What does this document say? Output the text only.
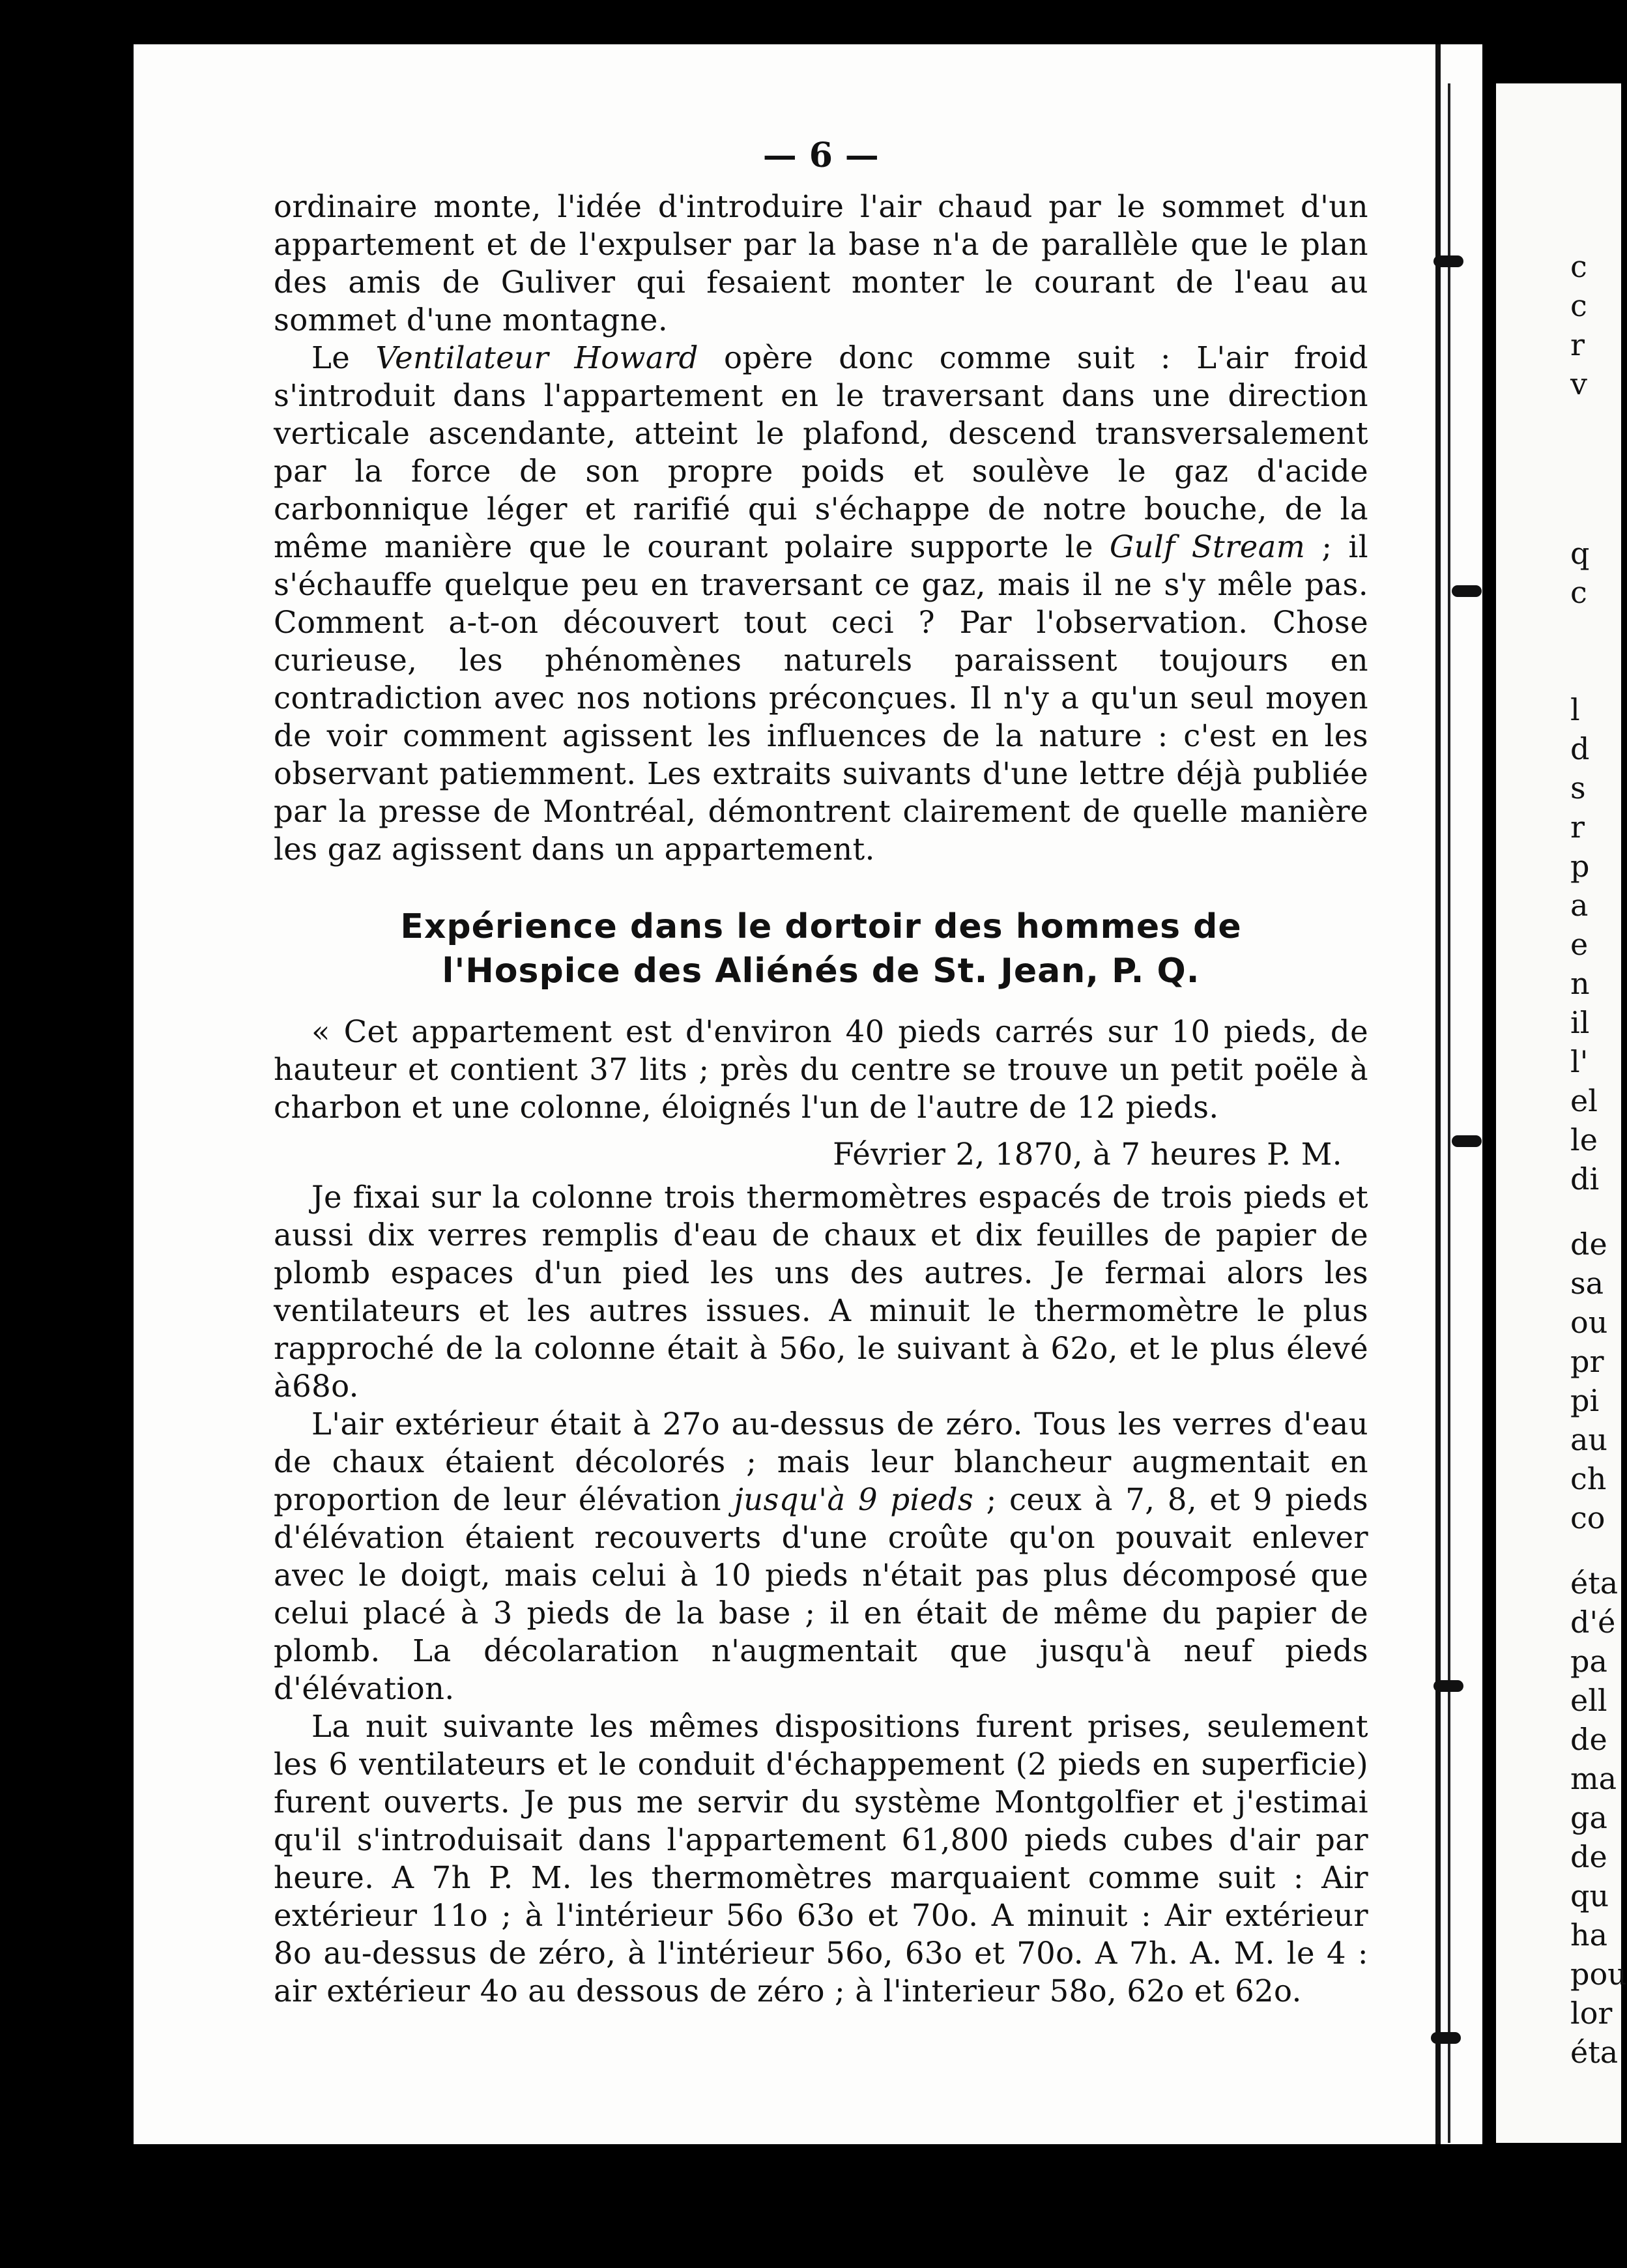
c
c
r
v
q
c
l
d
s
r
p
a
e
n
il
l'
el
le
di
de
sa
ou
pr
pi
au
ch
co
éta
d'é
pa
ell
de
ma
ga
de
qu
ha
pou
lor
éta
— 6 —

ordinaire monte, l'idée d'introduire l'air chaud par le sommet d'un appartement et de l'expulser par la base n'a de parallèle que le plan des amis de Guliver qui fesaient monter le courant de l'eau au sommet d'une montagne.

Le Ventilateur Howard opère donc comme suit : L'air froid s'introduit dans l'appartement en le traversant dans une direction verticale ascendante, atteint le plafond, descend transversalement par la force de son propre poids et soulève le gaz d'acide carbonnique léger et rarifié qui s'échappe de notre bouche, de la même manière que le courant polaire supporte le Gulf Stream ; il s'échauffe quelque peu en traversant ce gaz, mais il ne s'y mêle pas. Comment a-t-on découvert tout ceci ? Par l'observation. Chose curieuse, les phénomènes naturels paraissent toujours en contradiction avec nos notions préconçues. Il n'y a qu'un seul moyen de voir comment agissent les influences de la nature : c'est en les observant patiemment. Les extraits suivants d'une lettre déjà publiée par la presse de Montréal, démontrent clairement de quelle manière les gaz agissent dans un appartement.

Expérience dans le dortoir des hommes de
l'Hospice des Aliénés de St. Jean, P. Q.

« Cet appartement est d'environ 40 pieds carrés sur 10 pieds, de hauteur et contient 37 lits ; près du centre se trouve un petit poële à charbon et une colonne, éloignés l'un de l'autre de 12 pieds.

Février 2, 1870, à 7 heures P. M.

Je fixai sur la colonne trois thermomètres espacés de trois pieds et aussi dix verres remplis d'eau de chaux et dix feuilles de papier de plomb espaces d'un pied les uns des autres. Je fermai alors les ventilateurs et les autres issues. A minuit le thermomètre le plus rapproché de la colonne était à 56o, le suivant à 62o, et le plus élevé à68o.

L'air extérieur était à 27o au-dessus de zéro. Tous les verres d'eau de chaux étaient décolorés ; mais leur blancheur augmentait en proportion de leur élévation jusqu'à 9 pieds ; ceux à 7, 8, et 9 pieds d'élévation étaient recouverts d'une croûte qu'on pouvait enlever avec le doigt, mais celui à 10 pieds n'était pas plus décomposé que celui placé à 3 pieds de la base ; il en était de même du papier de plomb. La décolaration n'augmentait que jusqu'à neuf pieds d'élévation.

La nuit suivante les mêmes dispositions furent prises, seulement les 6 ventilateurs et le conduit d'échappement (2 pieds en superficie) furent ouverts. Je pus me servir du système Montgolfier et j'estimai qu'il s'introduisait dans l'appartement 61,800 pieds cubes d'air par heure. A 7h P. M. les thermomètres marquaient comme suit : Air extérieur 11o ; à l'intérieur 56o 63o et 70o. A minuit : Air extérieur 8o au-dessus de zéro, à l'intérieur 56o, 63o et 70o. A 7h. A. M. le 4 : air extérieur 4o au dessous de zéro ; à l'interieur 58o, 62o et 62o.
